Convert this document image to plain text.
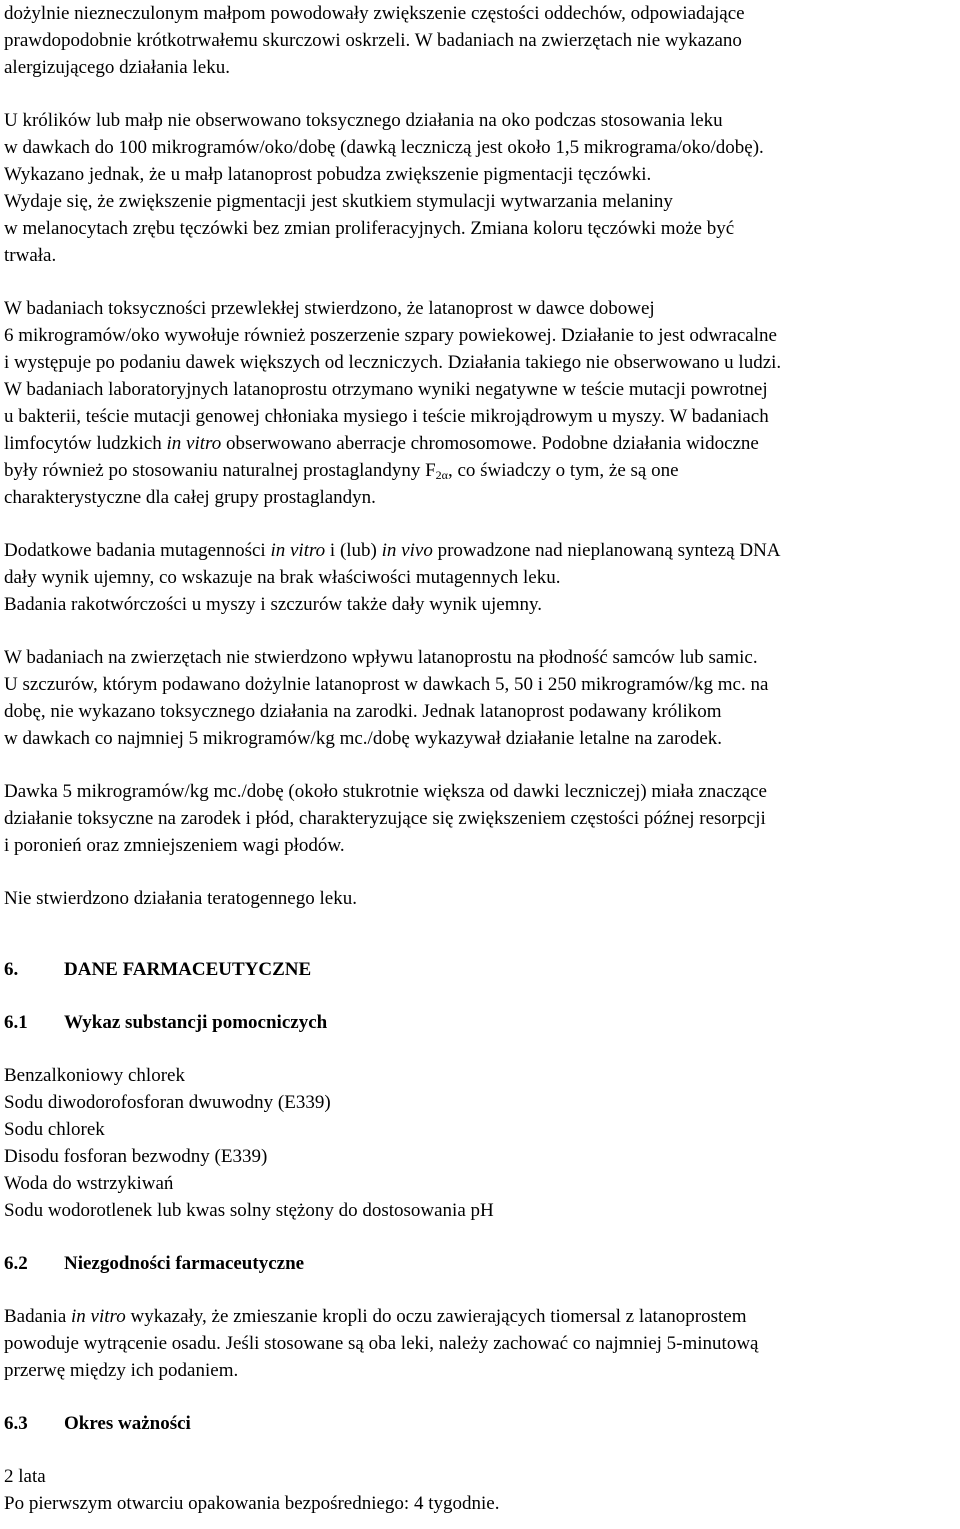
dożylnie niezneczulonym małpom powodowały zwiększenie częstości oddechów, odpowiadające
prawdopodobnie krótkotrwałemu skurczowi oskrzeli. W badaniach na zwierzętach nie wykazano
alergizującego działania leku.

U królików lub małp nie obserwowano toksycznego działania na oko podczas stosowania leku
w dawkach do 100 mikrogramów/oko/dobę (dawką leczniczą jest około 1,5 mikrograma/oko/dobę).
Wykazano jednak, że u małp latanoprost pobudza zwiększenie pigmentacji tęczówki.
Wydaje się, że zwiększenie pigmentacji jest skutkiem stymulacji wytwarzania melaniny
w melanocytach zrębu tęczówki bez zmian proliferacyjnych. Zmiana koloru tęczówki może być
trwała.

W badaniach toksyczności przewlekłej stwierdzono, że latanoprost w dawce dobowej
6 mikrogramów/oko wywołuje również poszerzenie szpary powiekowej. Działanie to jest odwracalne
i występuje po podaniu dawek większych od leczniczych. Działania takiego nie obserwowano u ludzi.
W badaniach laboratoryjnych latanoprostu otrzymano wyniki negatywne w teście mutacji powrotnej
u bakterii, teście mutacji genowej chłoniaka mysiego i teście mikrojądrowym u myszy. W badaniach
limfocytów ludzkich in vitro obserwowano aberracje chromosomowe. Podobne działania widoczne
były również po stosowaniu naturalnej prostaglandyny $F_{2\alpha}$, co świadczy o tym, że są one
charakterystyczne dla całej grupy prostaglandyn.

Dodatkowe badania mutagenności in vitro i (lub) in vivo prowadzone nad nieplanowaną syntezą DNA
dały wynik ujemny, co wskazuje na brak właściwości mutagennych leku.
Badania rakotwórczości u myszy i szczurów także dały wynik ujemny.

W badaniach na zwierzętach nie stwierdzono wpływu latanoprostu na płodność samców lub samic.
U szczurów, którym podawano dożylnie latanoprost w dawkach 5, 50 i 250 mikrogramów/kg mc. na
dobę, nie wykazano toksycznego działania na zarodki. Jednak latanoprost podawany królikom
w dawkach co najmniej 5 mikrogramów/kg mc./dobę wykazywał działanie letalne na zarodek.

Dawka 5 mikrogramów/kg mc./dobę (około stukrotnie większa od dawki leczniczej) miała znaczące
działanie toksyczne na zarodek i płód, charakteryzujące się zwiększeniem częstości późnej resorpcji
i poronień oraz zmniejszeniem wagi płodów.

Nie stwierdzono działania teratogennego leku.

6. DANE FARMACEUTYCZNE
6.1 Wykaz substancji pomocniczych
Benzalkoniowy chlorek
Sodu diwodorofosforan dwuwodny (E339)
Sodu chlorek
Disodu fosforan bezwodny (E339)
Woda do wstrzykiwań
Sodu wodorotlenek lub kwas solny stężony do dostosowania pH
6.2 Niezgodności farmaceutyczne

Badania in vitro wykazały, że zmieszanie kropli do oczu zawierających tiomersal z latanoprostem
powoduje wytrącenie osadu. Jeśli stosowane są oba leki, należy zachować co najmniej 5-minutową
przerwę między ich podaniem.

6.3 Okres ważności

2 lata
Po pierwszym otwarciu opakowania bezpośredniego: 4 tygodnie.
